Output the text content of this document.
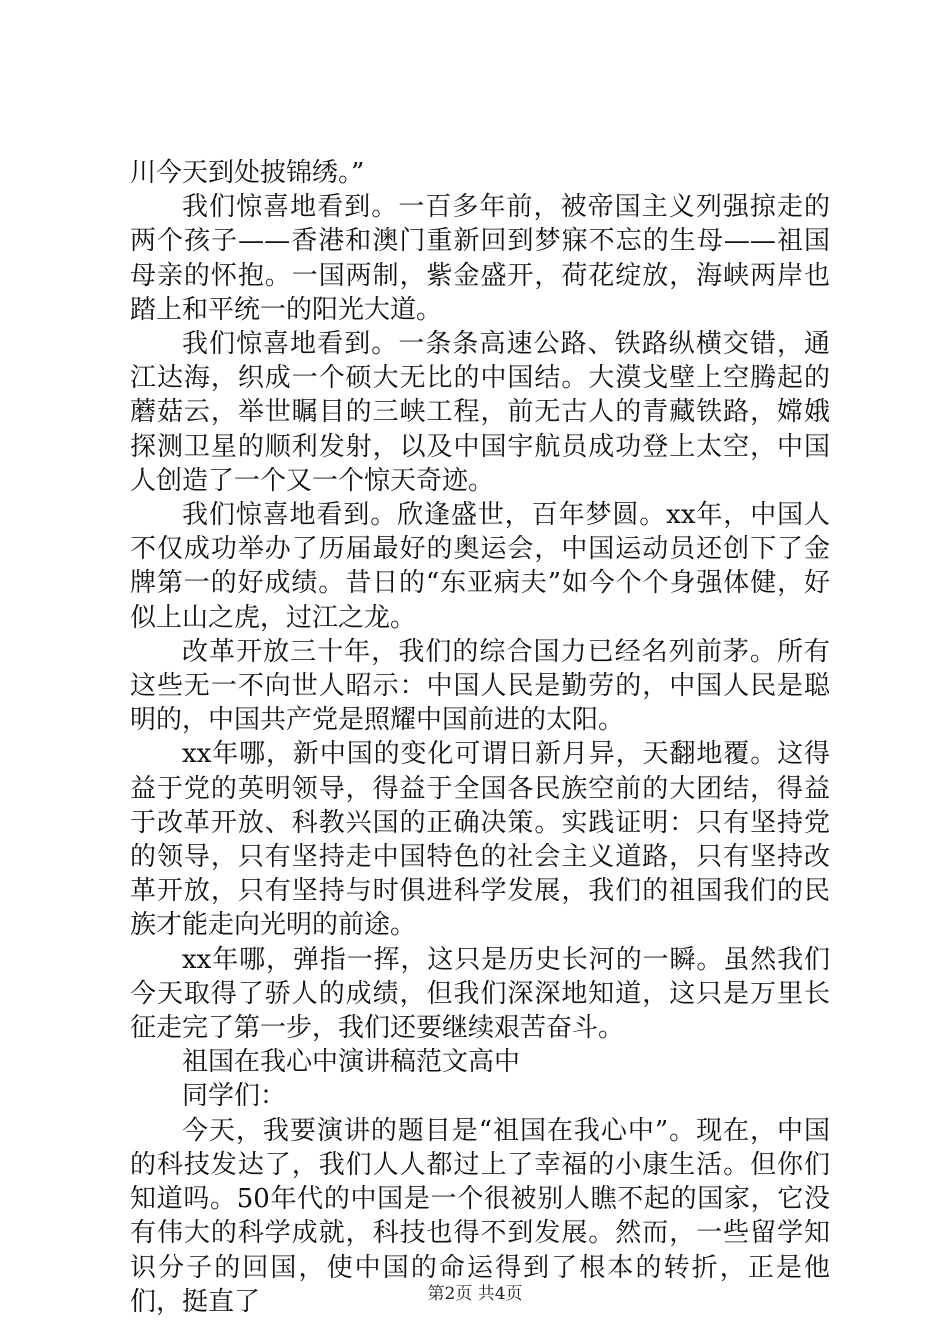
川今天到处披锦绣。”

我们惊喜地看到。一百多年前，被帝国主义列强掠走的两个孩子——香港和澳门重新回到梦寐不忘的生母——祖国母亲的怀抱。一国两制，紫金盛开，荷花绽放，海峡两岸也踏上和平统一的阳光大道。

我们惊喜地看到。一条条高速公路、铁路纵横交错，通江达海，织成一个硕大无比的中国结。大漠戈壁上空腾起的蘑菇云，举世瞩目的三峡工程，前无古人的青藏铁路，嫦娥探测卫星的顺利发射，以及中国宇航员成功登上太空，中国人创造了一个又一个惊天奇迹。

我们惊喜地看到。欣逢盛世，百年梦圆。xx年，中国人不仅成功举办了历届最好的奥运会，中国运动员还创下了金牌第一的好成绩。昔日的“东亚病夫”如今个个身强体健，好似上山之虎，过江之龙。

改革开放三十年，我们的综合国力已经名列前茅。所有这些无一不向世人昭示：中国人民是勤劳的，中国人民是聪明的，中国共产党是照耀中国前进的太阳。

xx年哪，新中国的变化可谓日新月异，天翻地覆。这得益于党的英明领导，得益于全国各民族空前的大团结，得益于改革开放、科教兴国的正确决策。实践证明：只有坚持党的领导，只有坚持走中国特色的社会主义道路，只有坚持改革开放，只有坚持与时俱进科学发展，我们的祖国我们的民族才能走向光明的前途。

xx年哪，弹指一挥，这只是历史长河的一瞬。虽然我们今天取得了骄人的成绩，但我们深深地知道，这只是万里长征走完了第一步，我们还要继续艰苦奋斗。

祖国在我心中演讲稿范文高中

同学们：

今天，我要演讲的题目是“祖国在我心中”。现在，中国的科技发达了，我们人人都过上了幸福的小康生活。但你们知道吗。50年代的中国是一个很被别人瞧不起的国家，它没有伟大的科学成就，科技也得不到发展。然而，一些留学知识分子的回国，使中国的命运得到了根本的转折，正是他们，挺直了	第2页 共4页
